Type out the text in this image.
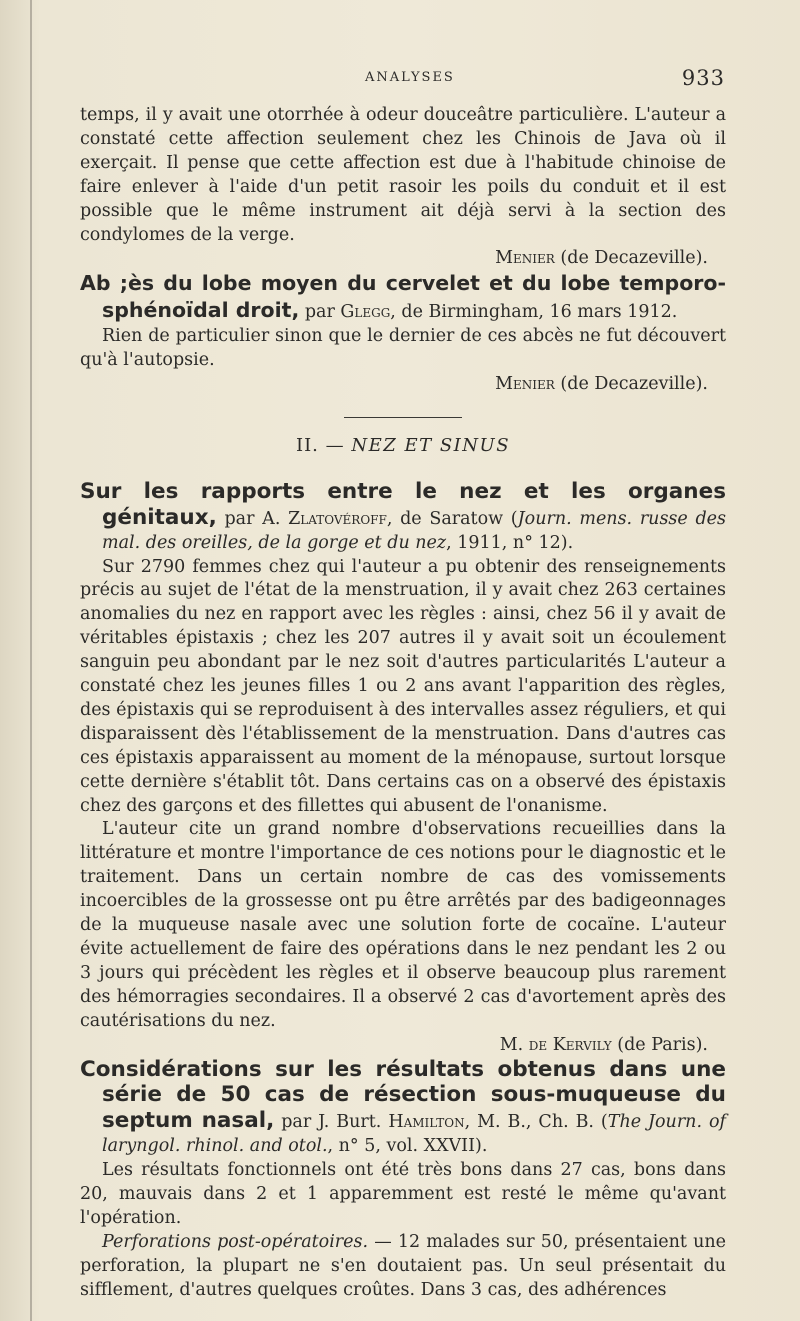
ANALYSES	933

temps, il y avait une otorrhée à odeur douceâtre particulière. L'auteur a constaté cette affection seulement chez les Chinois de Java où il exerçait. Il pense que cette affection est due à l'habitude chinoise de faire enlever à l'aide d'un petit rasoir les poils du conduit et il est possible que le même instrument ait déjà servi à la section des condylomes de la verge.

Menier (de Decazeville).

Ab ;ès du lobe moyen du cervelet et du lobe temporo-sphénoïdal droit, par Glegg, de Birmingham, 16 mars 1912.

Rien de particulier sinon que le dernier de ces abcès ne fut découvert qu'à l'autopsie.

Menier (de Decazeville).

II. — NEZ ET SINUS
Sur les rapports entre le nez et les organes génitaux, par A. Zlatovéroff, de Saratow (Journ. mens. russe des mal. des oreilles, de la gorge et du nez, 1911, n° 12).

Sur 2790 femmes chez qui l'auteur a pu obtenir des renseignements précis au sujet de l'état de la menstruation, il y avait chez 263 certaines anomalies du nez en rapport avec les règles : ainsi, chez 56 il y avait de véritables épistaxis ; chez les 207 autres il y avait soit un écoulement sanguin peu abondant par le nez soit d'autres particularités L'auteur a constaté chez les jeunes filles 1 ou 2 ans avant l'apparition des règles, des épistaxis qui se reproduisent à des intervalles assez réguliers, et qui disparaissent dès l'établissement de la menstruation. Dans d'autres cas ces épistaxis apparaissent au moment de la ménopause, surtout lorsque cette dernière s'établit tôt. Dans certains cas on a observé des épistaxis chez des garçons et des fillettes qui abusent de l'onanisme.

L'auteur cite un grand nombre d'observations recueillies dans la littérature et montre l'importance de ces notions pour le diagnostic et le traitement. Dans un certain nombre de cas des vomissements incoercibles de la grossesse ont pu être arrêtés par des badigeonnages de la muqueuse nasale avec une solution forte de cocaïne. L'auteur évite actuellement de faire des opérations dans le nez pendant les 2 ou 3 jours qui précèdent les règles et il observe beaucoup plus rarement des hémorragies secondaires. Il a observé 2 cas d'avortement après des cautérisations du nez.

M. de Kervily (de Paris).

Considérations sur les résultats obtenus dans une série de 50 cas de résection sous-muqueuse du septum nasal, par J. Burt. Hamilton, M. B., Ch. B. (The Journ. of laryngol. rhinol. and otol., n° 5, vol. XXVII).

Les résultats fonctionnels ont été très bons dans 27 cas, bons dans 20, mauvais dans 2 et 1 apparemment est resté le même qu'avant l'opération.

Perforations post-opératoires. — 12 malades sur 50, présentaient une perforation, la plupart ne s'en doutaient pas. Un seul présentait du sifflement, d'autres quelques croûtes. Dans 3 cas, des adhérences
